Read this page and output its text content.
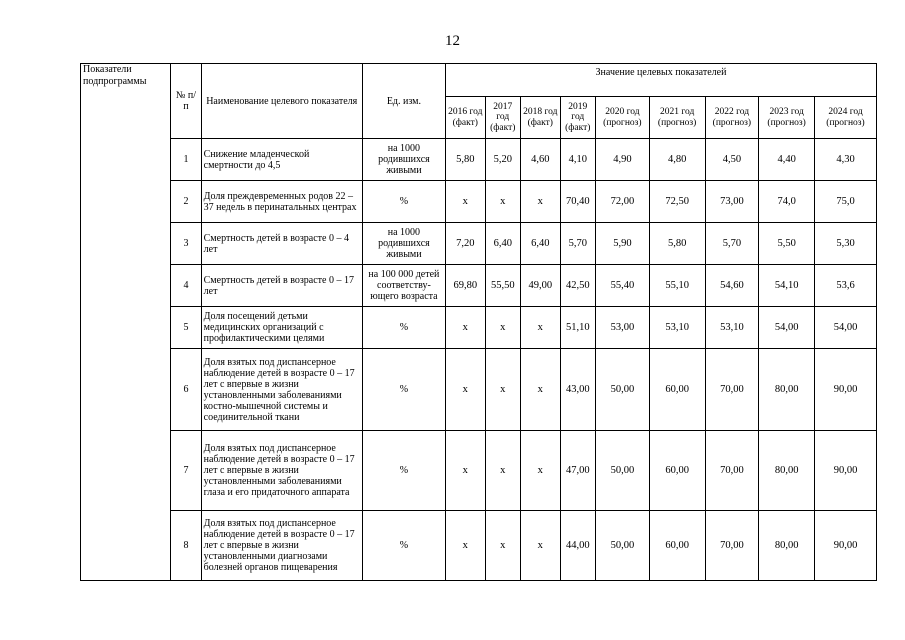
12
Показатели подпрограммы	№ п/п	Наименование целевого показателя	Ед. изм.	Значение целевых показателей								
				2016 год (факт)	2017 год (факт)	2018 год (факт)	2019 год (факт)	2020 год (прогноз)	2021 год (прогноз)	2022 год (прогноз)	2023 год (прогноз)	2024 год (прогноз)
	1	Снижение младенческой смертности до 4,5	на 1000 родившихся живыми	5,80	5,20	4,60	4,10	4,90	4,80	4,50	4,40	4,30
	2	Доля преждевременных родов 22 – 37 недель в перинатальных центрах	%	х	х	х	70,40	72,00	72,50	73,00	74,0	75,0
	3	Смертность детей в возрасте 0 – 4 лет	на 1000 родившихся живыми	7,20	6,40	6,40	5,70	5,90	5,80	5,70	5,50	5,30
	4	Смертность детей в возрасте 0 – 17 лет	на 100 000 детей соответству-ющего возраста	69,80	55,50	49,00	42,50	55,40	55,10	54,60	54,10	53,6
	5	Доля посещений детьми медицинских организаций с профилактическими целями	%	х	х	х	51,10	53,00	53,10	53,10	54,00	54,00
	6	Доля взятых под диспансерное наблюдение детей в возрасте 0 – 17 лет с впервые в жизни установленными заболеваниями костно-мышечной системы и соединительной ткани	%	х	х	х	43,00	50,00	60,00	70,00	80,00	90,00
	7	Доля взятых под диспансерное наблюдение детей в возрасте 0 – 17 лет с впервые в жизни установленными заболеваниями глаза и его придаточного аппарата	%	х	х	х	47,00	50,00	60,00	70,00	80,00	90,00
	8	Доля взятых под диспансерное наблюдение детей в возрасте 0 – 17 лет с впервые в жизни установленными диагнозами болезней органов пищеварения	%	х	х	х	44,00	50,00	60,00	70,00	80,00	90,00
